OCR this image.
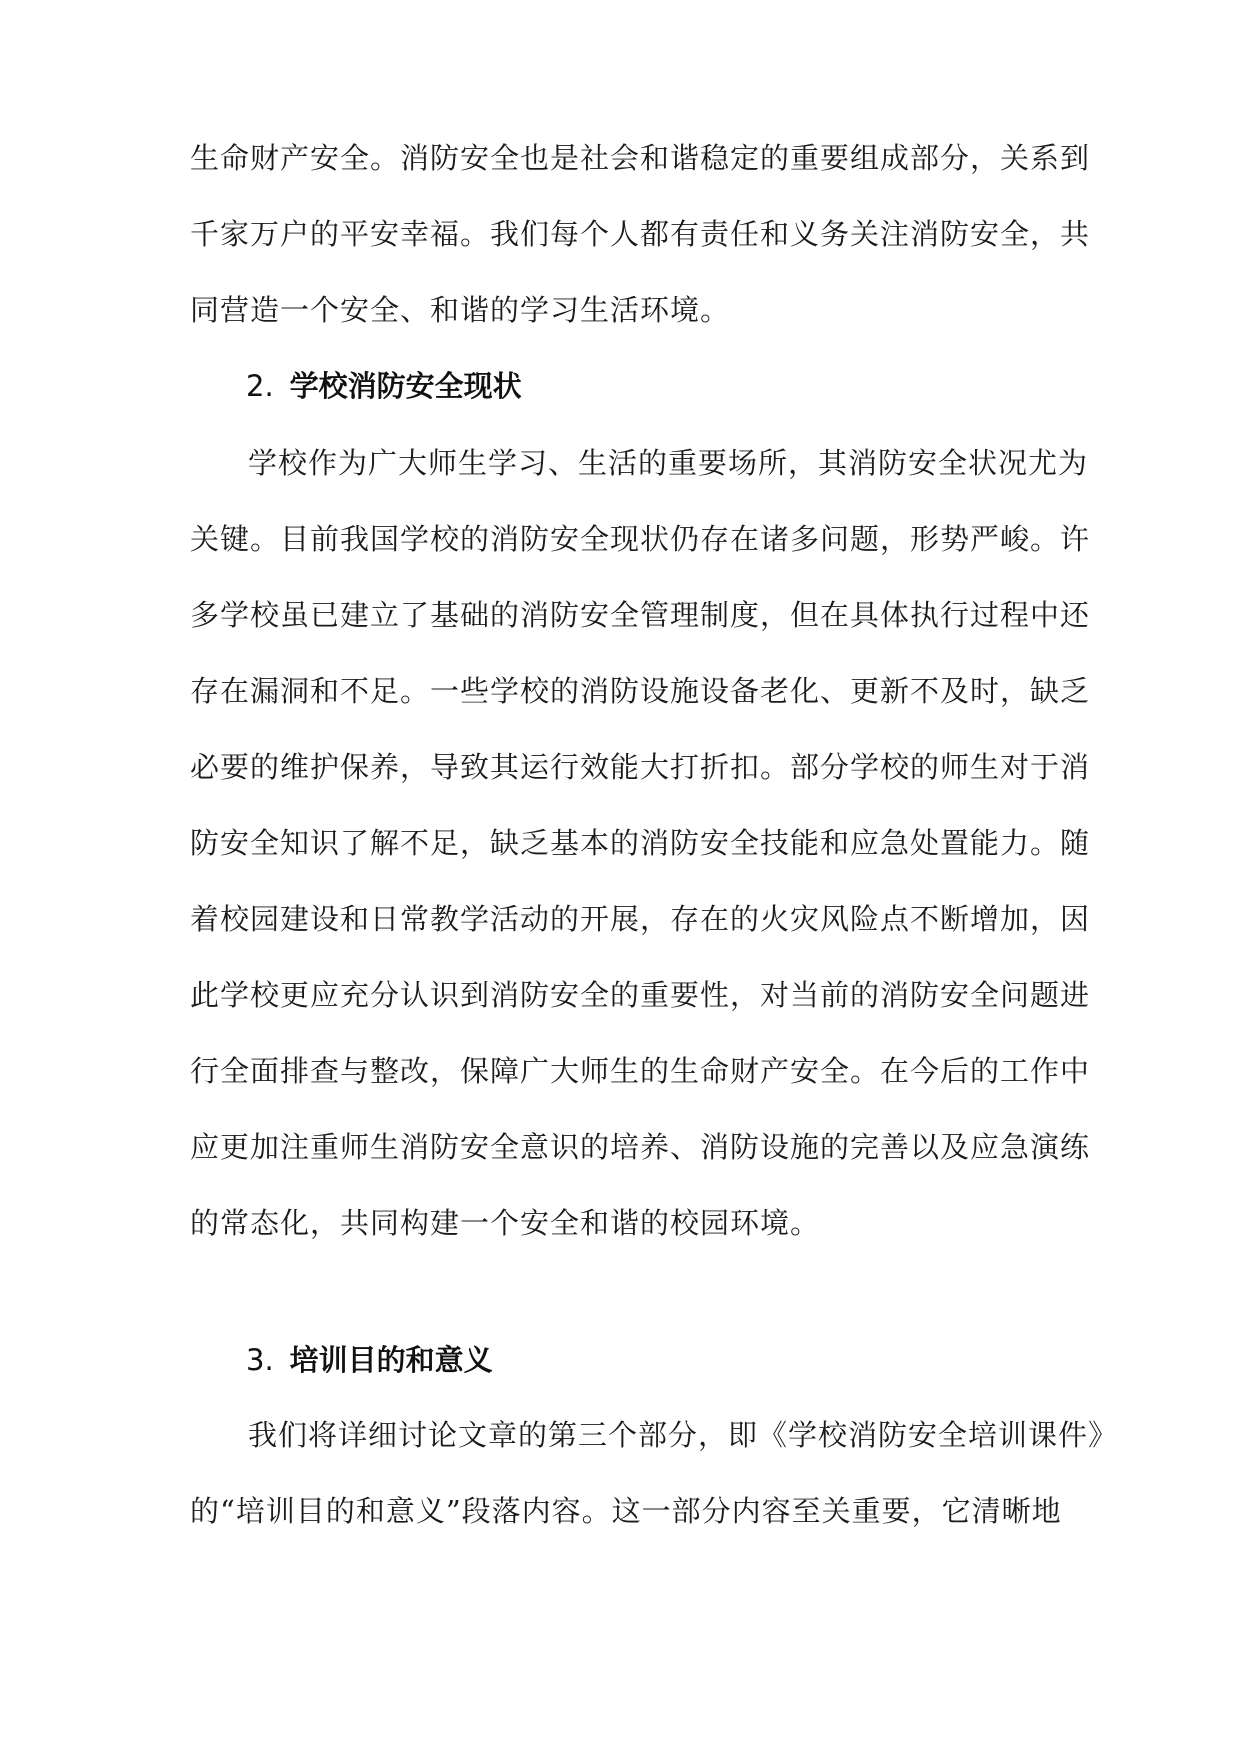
生命财产安全。消防安全也是社会和谐稳定的重要组成部分，关系到
千家万户的平安幸福。我们每个人都有责任和义务关注消防安全，共
同营造一个安全、和谐的学习生活环境。
2. 学校消防安全现状
学校作为广大师生学习、生活的重要场所，其消防安全状况尤为
关键。目前我国学校的消防安全现状仍存在诸多问题，形势严峻。许
多学校虽已建立了基础的消防安全管理制度，但在具体执行过程中还
存在漏洞和不足。一些学校的消防设施设备老化、更新不及时，缺乏
必要的维护保养，导致其运行效能大打折扣。部分学校的师生对于消
防安全知识了解不足，缺乏基本的消防安全技能和应急处置能力。随
着校园建设和日常教学活动的开展，存在的火灾风险点不断增加，因
此学校更应充分认识到消防安全的重要性，对当前的消防安全问题进
行全面排查与整改，保障广大师生的生命财产安全。在今后的工作中
应更加注重师生消防安全意识的培养、消防设施的完善以及应急演练
的常态化，共同构建一个安全和谐的校园环境。
3. 培训目的和意义
我们将详细讨论文章的第三个部分，即《学校消防安全培训课件》
的“培训目的和意义”段落内容。这一部分内容至关重要，它清晰地
